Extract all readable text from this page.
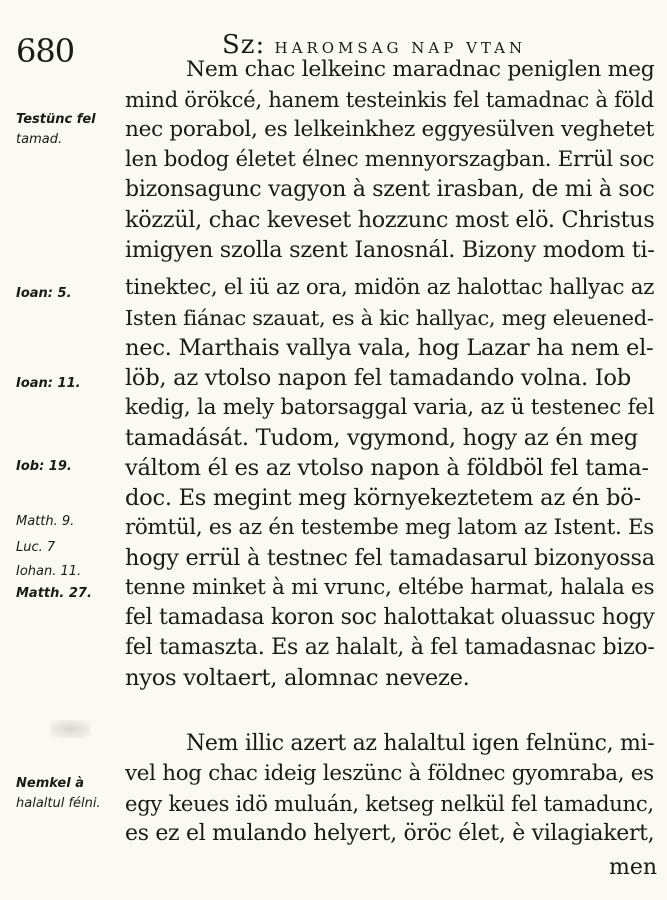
680	Sz: HAROMSAG NAP VTAN
Testünc fel
tamad.
Ioan: 5.
Ioan: 11.
Iob: 19.
Matth. 9.
Luc. 7
Iohan. 11.
Matth. 27.
Nemkel à
halaltul félni.
Nem chac lelkeinc maradnac peniglen meg
mind örökcé, hanem testeinkis fel tamadnac à föld
nec porabol, es lelkeinkhez eggyesülven veghetet
len bodog életet élnec mennyorszagban. Errül soc
bizonsagunc vagyon à szent irasban, de mi à soc
közzül, chac keveset hozzunc most elö. Christus
imigyen szolla szent Ianosnál. Bizony modom ti-
tinektec, el iü az ora, midön az halottac hallyac az
Isten fiánac szauat, es à kic hallyac, meg eleuened-
nec. Marthais vallya vala, hog Lazar ha nem el-
löb, az vtolso napon fel tamadando volna. Iob
kedig, la mely batorsaggal varia, az ü testenec fel
tamadását. Tudom, vgymond, hogy az én meg
váltom él es az vtolso napon à földböl fel tama-
doc. Es megint meg környekeztetem az én bö-
römtül, es az én testembe meg latom az Istent. Es
hogy errül à testnec fel tamadasarul bizonyossa
tenne minket à mi vrunc, eltébe harmat, halala es
fel tamadasa koron soc halottakat oluassuc hogy
fel tamaszta. Es az halalt, à fel tamadasnac bizo-
nyos voltaert, alomnac neveze.
Nem illic azert az halaltul igen felnünc, mi-
vel hog chac ideig leszünc à földnec gyomraba, es
egy keues idö muluán, ketseg nelkül fel tamadunc,
es ez el mulando helyert, öröc élet, è vilagiakert,
men
